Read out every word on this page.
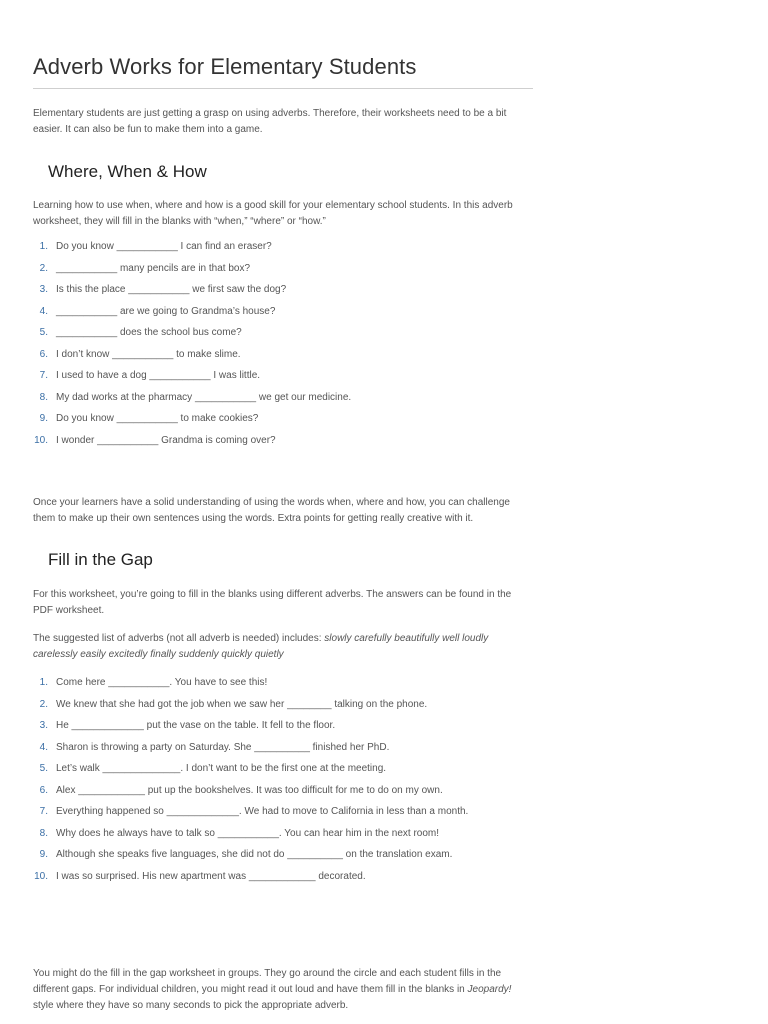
Adverb Works for Elementary Students

Elementary students are just getting a grasp on using adverbs. Therefore, their worksheets need to be a bit easier. It can also be fun to make them into a game.

Where, When & How

Learning how to use when, where and how is a good skill for your elementary school students. In this adverb worksheet, they will fill in the blanks with “when,” “where” or “how.”

1. Do you know ___________ I can find an eraser?
2. ___________ many pencils are in that box?
3. Is this the place ___________ we first saw the dog?
4. ___________ are we going to Grandma’s house?
5. ___________ does the school bus come?
6. I don’t know ___________ to make slime.
7. I used to have a dog ___________ I was little.
8. My dad works at the pharmacy ___________ we get our medicine.
9. Do you know ___________ to make cookies?
10. I wonder ___________ Grandma is coming over?

Once your learners have a solid understanding of using the words when, where and how, you can challenge them to make up their own sentences using the words. Extra points for getting really creative with it.

Fill in the Gap

For this worksheet, you’re going to fill in the blanks using different adverbs. The answers can be found in the PDF worksheet.

The suggested list of adverbs (not all adverb is needed) includes: slowly carefully beautifully well loudly carelessly easily excitedly finally suddenly quickly quietly

1. Come here ___________. You have to see this!
2. We knew that she had got the job when we saw her ________ talking on the phone.
3. He _____________ put the vase on the table. It fell to the floor.
4. Sharon is throwing a party on Saturday. She __________ finished her PhD.
5. Let’s walk ______________. I don’t want to be the first one at the meeting.
6. Alex ____________ put up the bookshelves. It was too difficult for me to do on my own.
7. Everything happened so _____________. We had to move to California in less than a month.
8. Why does he always have to talk so ___________. You can hear him in the next room!
9. Although she speaks five languages, she did not do __________ on the translation exam.
10. I was so surprised. His new apartment was ____________ decorated.

You might do the fill in the gap worksheet in groups. They go around the circle and each student fills in the different gaps. For individual children, you might read it out loud and have them fill in the blanks in Jeopardy! style where they have so many seconds to pick the appropriate adverb.
